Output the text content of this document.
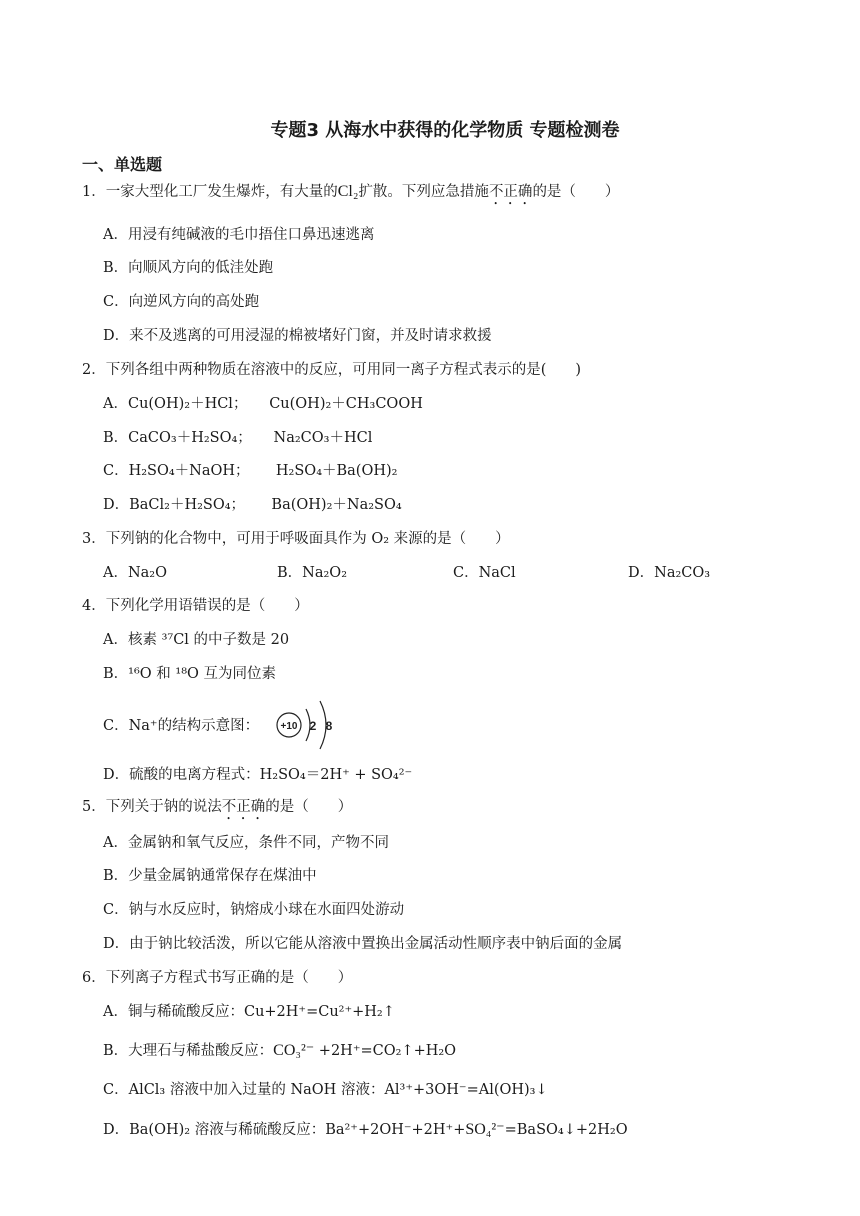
专题3 从海水中获得的化学物质 专题检测卷
一、单选题
1．一家大型化工厂发生爆炸，有大量的Cl₂扩散。下列应急措施不正确的是（　　）
A．用浸有纯碱液的毛巾捂住口鼻迅速逃离
B．向顺风方向的低洼处跑
C．向逆风方向的高处跑
D．来不及逃离的可用浸湿的棉被堵好门窗，并及时请求救援
2．下列各组中两种物质在溶液中的反应，可用同一离子方程式表示的是(　　)
A．Cu(OH)₂＋HCl；　　Cu(OH)₂＋CH₃COOH
B．CaCO₃＋H₂SO₄；　　Na₂CO₃＋HCl
C．H₂SO₄＋NaOH；　　 H₂SO₄＋Ba(OH)₂
D．BaCl₂＋H₂SO₄；　　 Ba(OH)₂＋Na₂SO₄
3．下列钠的化合物中，可用于呼吸面具作为 O₂ 来源的是（　　）
A．Na₂O	B．Na₂O₂	C．NaCl	D．Na₂CO₃
4．下列化学用语错误的是（　　）
A．核素 ³⁷Cl 的中子数是 20
B．¹⁶O 和 ¹⁸O 互为同位素
C．Na⁺的结构示意图： +10 2 8
D．硫酸的电离方程式：H₂SO₄＝2H⁺ + SO₄²⁻
5．下列关于钠的说法不正确的是（　　）
A．金属钠和氧气反应，条件不同，产物不同
B．少量金属钠通常保存在煤油中
C．钠与水反应时，钠熔成小球在水面四处游动
D．由于钠比较活泼，所以它能从溶液中置换出金属活动性顺序表中钠后面的金属
6．下列离子方程式书写正确的是（　　）
A．铜与稀硫酸反应：Cu+2H⁺=Cu²⁺+H₂↑
B．大理石与稀盐酸反应：CO₃²⁻ +2H⁺=CO₂↑+H₂O
C．AlCl₃ 溶液中加入过量的 NaOH 溶液：Al³⁺+3OH⁻=Al(OH)₃↓
D．Ba(OH)₂ 溶液与稀硫酸反应：Ba²⁺+2OH⁻+2H⁺+SO₄²⁻=BaSO₄↓+2H₂O
